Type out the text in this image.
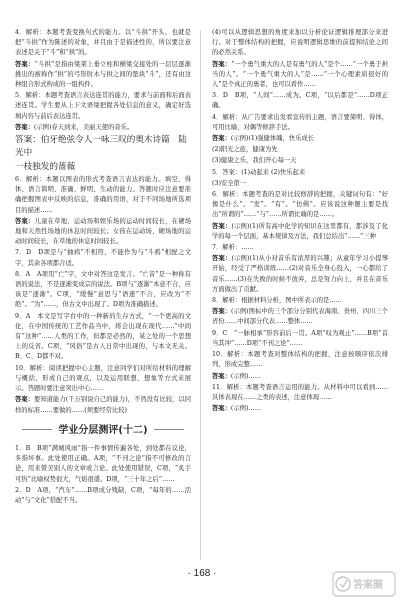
4．解析：本题考查变换句式的能力。以“斗拱”开头，也就是把“斗拱”作为陈述的对象，并且由于是描述性的，所以要注意表述是关于“斗”和“拱”的。
答案：“斗拱”是指由梁架上垂立柱和横梁交接处的一层层逐渐挑出的被称作“拱”的弓形肘木与拱之间的垫块“斗”，还有由这种组合形式构成的一组构件。
5．解析：本题考查语言表达连贯的能力，要求与前面和后面表述连贯。学生要从上下文语境把握各处信息的意义，确定好选填内容与前后表达连贯。
答案：(示例)春天到来，美丽天使的音乐。
答案：伯牙绝弦令人一咏三叹的奥木诗篇　陆光中
一枝独发的蔷薇
6．解析：本题以图表的形式考查语言表达的能力。填空、得体、语言简明、准确、鲜明、生动的能力。答题时应注意要准确把握图表中反映的信息，准确的用语，对于不同场地所选项目的描述……
答案：儿童在草地、运动场和娱乐场的运动时间较长，在硬场地和天然性场地的休息时间较长；女孩在运动场、硬场地的运动时间较长，在草地的休息时间较长。
7．D　D项是与“抽鸦”不相符，不能作为与“斗鸦”相配之文字，其余各项都合适。
8．A　A项用“亡”字，文中对答这是发言。“亡音”是一种称有语的说法，不是逐渐变成宗的说法。B项与“逐渐”本意不合，应该是“逐渐”。C项，“缓慢”意思与“语速”不合，应改为“不绝”。“为”……，但古文中出现了。D项为准确描述。
9．A　本文是写字台中的一种新的生存方式，“一个更高的文化，在中国传统的工艺作品当中，将会出现在现代……”中间有“这种”……人类的工作，但都是必然的，某之处的一个思想上的反省。C项，“风俗”是古人日常中出现的，与本文无关。B、C、D都不对。
10．解析：阅读把握中心主题，注意同学们对所给材料的理解与概括，形成自己的观点，以及运用联想、想象等方式来展示。答题时要注意突出中心……
答案：要知道能力(千万别说自己的能力)，不然没有比较，以同样的标准……要做的……(须要经常比较)
学业分层测评(十二)
1．B　B项“满城风雨”指一件事情传遍各处，到处都在议论，多指坏事。此处使用正确。A项，“不刊之论”指不可修改的言论，用来赞美别人的文章或言论。此处使用错误，C项，“炙手可热”比喻权势很大，气焰很盛。D项，“三十年之后”……
2．D　A项，“汽车”……B项成分残缺，C项，“每年的……活动”与“文化”搭配不当。
(4)可以从逻辑思想的角度来加以分析论证逻辑推理部分来进行。对于整体结构的把握，应说明逻辑思维的前提和结论之间的必然关系。
答案：“一个勇气重大的人是有勇气的人”是个……“一个勇于担当的人”。“一个勇气重大的人”是……“一个心理素质很好的人”是个真正的勇者，也可以看作……
3．D　B项，“人间”……成为。C项，“以后都是”……D项正确。
4．解析：从广告要求出发看宣传的主题，语言要简明、得体，可用比喻、对偶等修辞手法。
答案：(示例)(1)强健体魄，快乐成长
(2)阳光之旅，健康为先
(3)健康之乐，我们开心每一天
5．答案：(1)动起来 (2)快乐起来
(3)安全第一
6．解析：本题考查的是对比较修辞的把握，关键词句有：“好像是什么”。“发”。“有”。“仿佛”。应该说这种题主要是找出“所谓的”……“与”……所谓比喻的是……。
答案：(示例)(1)所有高中化学的知识在这里都有，都涉及了化学的每一个层面，基本规律及方法，我们总结出“……”三种
7．解析：……
答案：(示例)(1)从小对音乐有浓厚的兴趣；从童年学习小提琴开始，经受了严格训练……(2)对音乐全身心投入，一心都给了音乐……(3)在失败的时候不放弃，总是努力向上，并且在音乐方面做出了贡献。
8．解析：根据材料分析，图中所表示的是……
答案：(示例)图标中的三个部分分别代表海南、贵州、四川三个省份……中间部分代表……整体……
9．C　“一脉相承”形容前后一贯。A项“叹为观止”……B项“首当其冲”……D项“不刊之论”……
10．解析：本题考查对整体结构的把握，注意按顺序依次排列，形成完整……
答案：(示例)……
11．解析：本题考查语言运用的能力。从材料中可以看到……具体表现在……之类的表述，注意体现……
答案：(示例)……
· 168 ·
答案圈
